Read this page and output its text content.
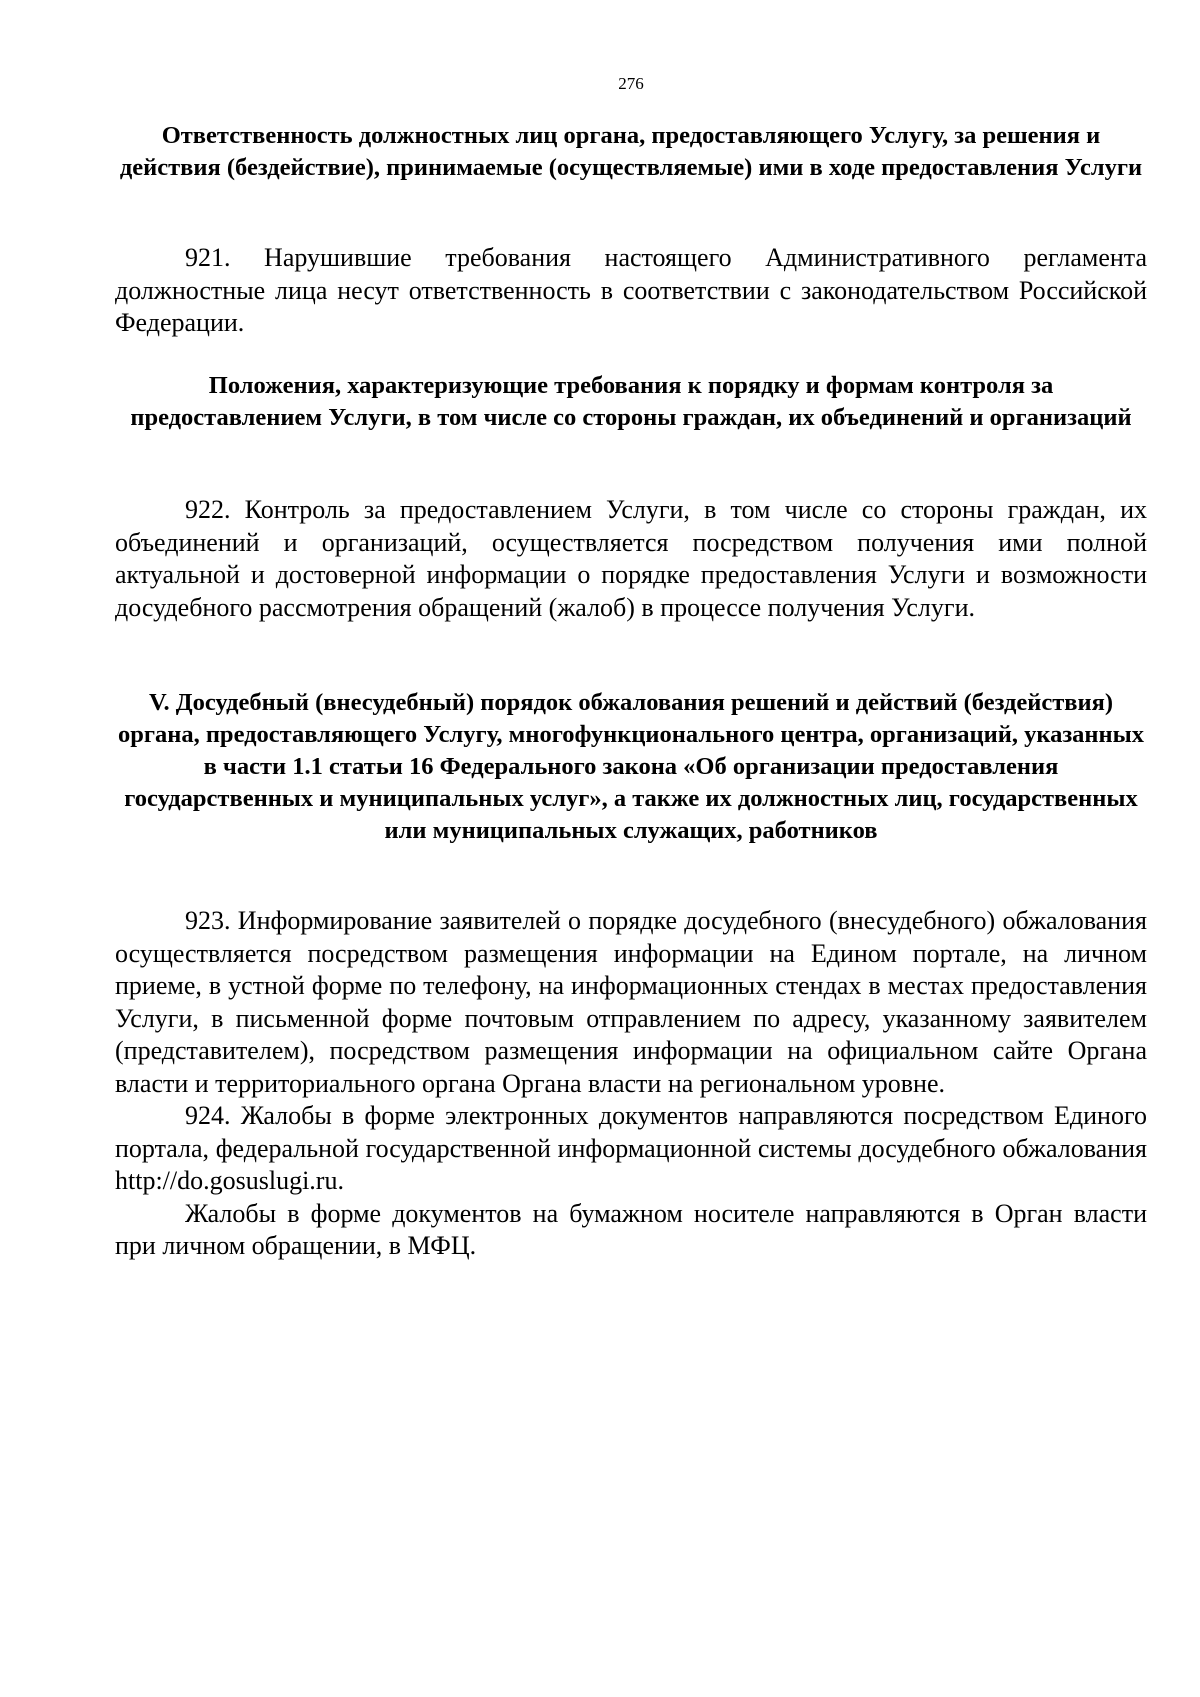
276

Ответственность должностных лиц органа, предоставляющего Услугу, за решения и действия (бездействие), принимаемые (осуществляемые) ими в ходе предоставления Услуги

921. Нарушившие требования настоящего Административного регламента должностные лица несут ответственность в соответствии с законодательством Российской Федерации.

Положения, характеризующие требования к порядку и формам контроля за предоставлением Услуги, в том числе со стороны граждан, их объединений и организаций

922. Контроль за предоставлением Услуги, в том числе со стороны граждан, их объединений и организаций, осуществляется посредством получения ими полной актуальной и достоверной информации о порядке предоставления Услуги и возможности досудебного рассмотрения обращений (жалоб) в процессе получения Услуги.

V. Досудебный (внесудебный) порядок обжалования решений и действий (бездействия) органа, предоставляющего Услугу, многофункционального центра, организаций, указанных в части 1.1 статьи 16 Федерального закона «Об организации предоставления государственных и муниципальных услуг», а также их должностных лиц, государственных или муниципальных служащих, работников

923. Информирование заявителей о порядке досудебного (внесудебного) обжалования осуществляется посредством размещения информации на Едином портале, на личном приеме, в устной форме по телефону, на информационных стендах в местах предоставления Услуги, в письменной форме почтовым отправлением по адресу, указанному заявителем (представителем), посредством размещения информации на официальном сайте Органа власти и территориального органа Органа власти на региональном уровне.

924. Жалобы в форме электронных документов направляются посредством Единого портала, федеральной государственной информационной системы досудебного обжалования http://do.gosuslugi.ru.

Жалобы в форме документов на бумажном носителе направляются в Орган власти при личном обращении, в МФЦ.
